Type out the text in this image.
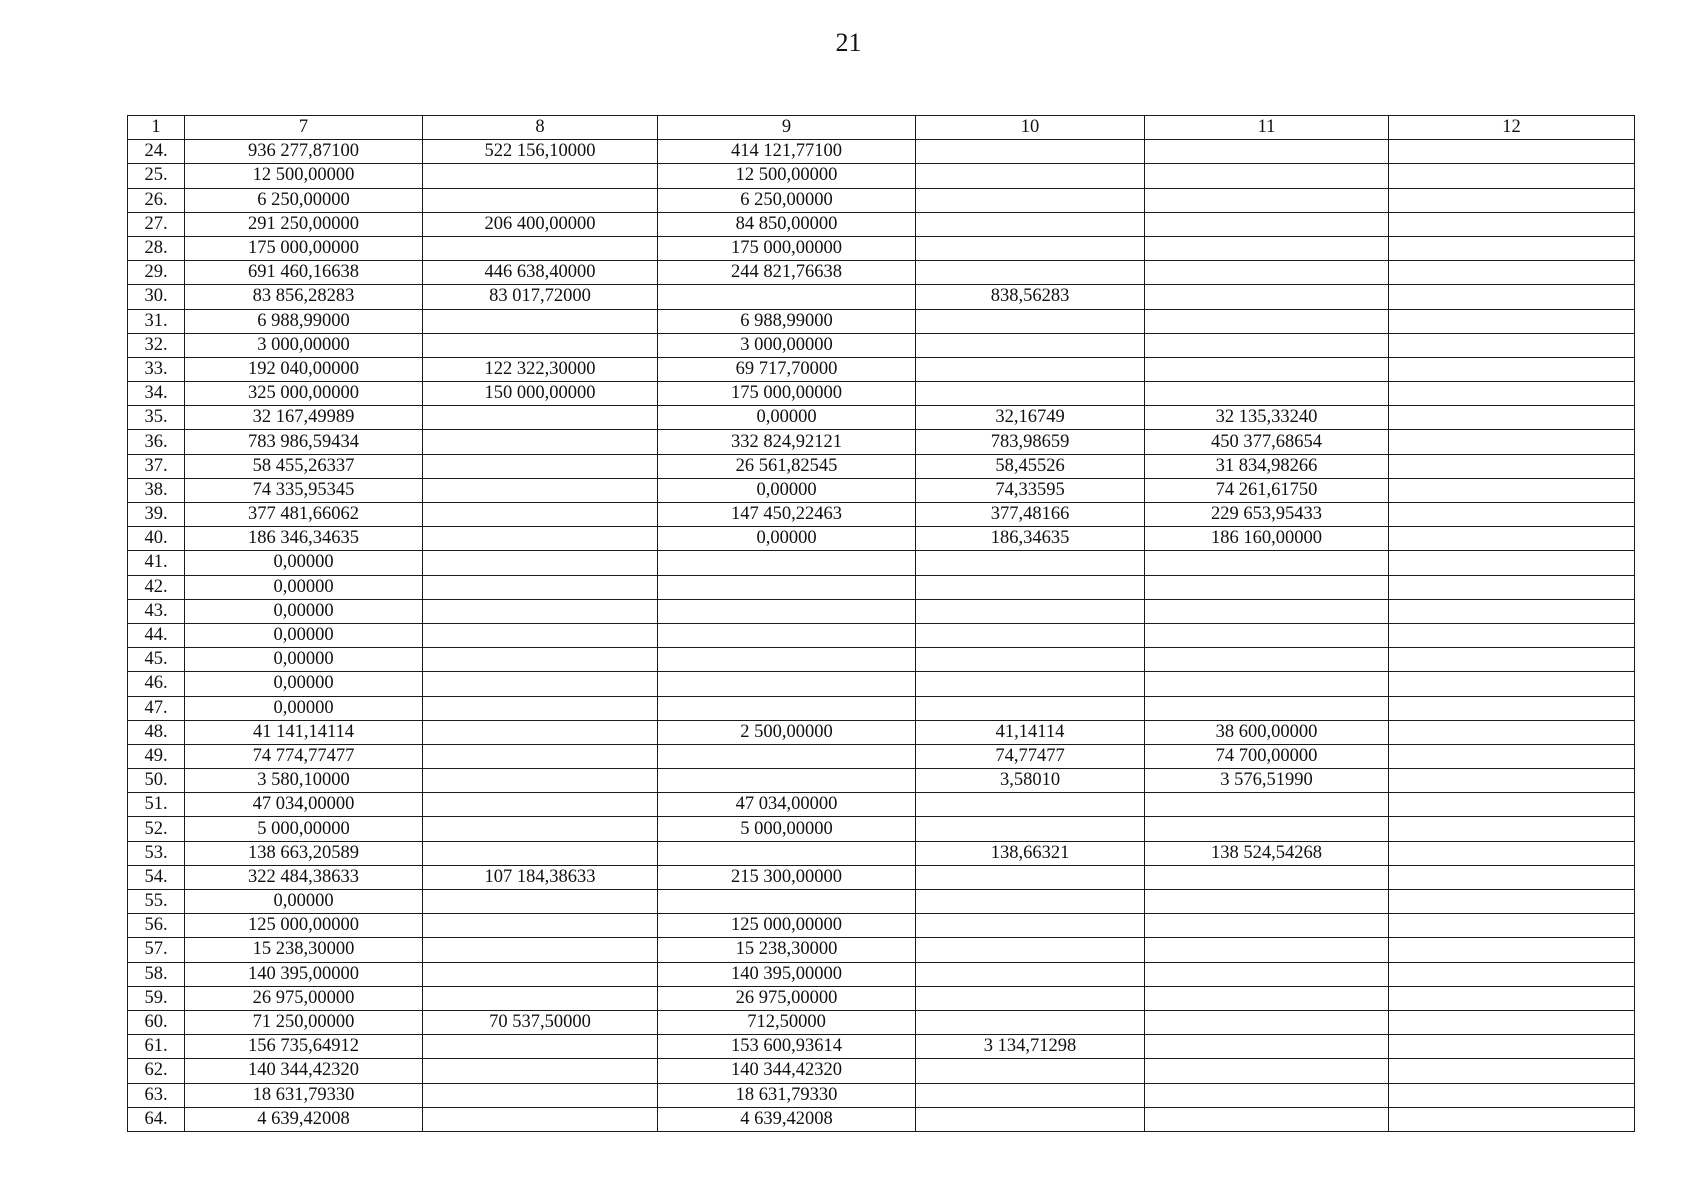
21
1	7	8	9	10	11	12
24.	936 277,87100	522 156,10000	414 121,77100			
25.	12 500,00000		12 500,00000			
26.	6 250,00000		6 250,00000			
27.	291 250,00000	206 400,00000	84 850,00000			
28.	175 000,00000		175 000,00000			
29.	691 460,16638	446 638,40000	244 821,76638			
30.	83 856,28283	83 017,72000		838,56283		
31.	6 988,99000		6 988,99000			
32.	3 000,00000		3 000,00000			
33.	192 040,00000	122 322,30000	69 717,70000			
34.	325 000,00000	150 000,00000	175 000,00000			
35.	32 167,49989		0,00000	32,16749	32 135,33240	
36.	783 986,59434		332 824,92121	783,98659	450 377,68654	
37.	58 455,26337		26 561,82545	58,45526	31 834,98266	
38.	74 335,95345		0,00000	74,33595	74 261,61750	
39.	377 481,66062		147 450,22463	377,48166	229 653,95433	
40.	186 346,34635		0,00000	186,34635	186 160,00000	
41.	0,00000					
42.	0,00000					
43.	0,00000					
44.	0,00000					
45.	0,00000					
46.	0,00000					
47.	0,00000					
48.	41 141,14114		2 500,00000	41,14114	38 600,00000	
49.	74 774,77477			74,77477	74 700,00000	
50.	3 580,10000			3,58010	3 576,51990	
51.	47 034,00000		47 034,00000			
52.	5 000,00000		5 000,00000			
53.	138 663,20589			138,66321	138 524,54268	
54.	322 484,38633	107 184,38633	215 300,00000			
55.	0,00000					
56.	125 000,00000		125 000,00000			
57.	15 238,30000		15 238,30000			
58.	140 395,00000		140 395,00000			
59.	26 975,00000		26 975,00000			
60.	71 250,00000	70 537,50000	712,50000			
61.	156 735,64912		153 600,93614	3 134,71298		
62.	140 344,42320		140 344,42320			
63.	18 631,79330		18 631,79330			
64.	4 639,42008		4 639,42008			
